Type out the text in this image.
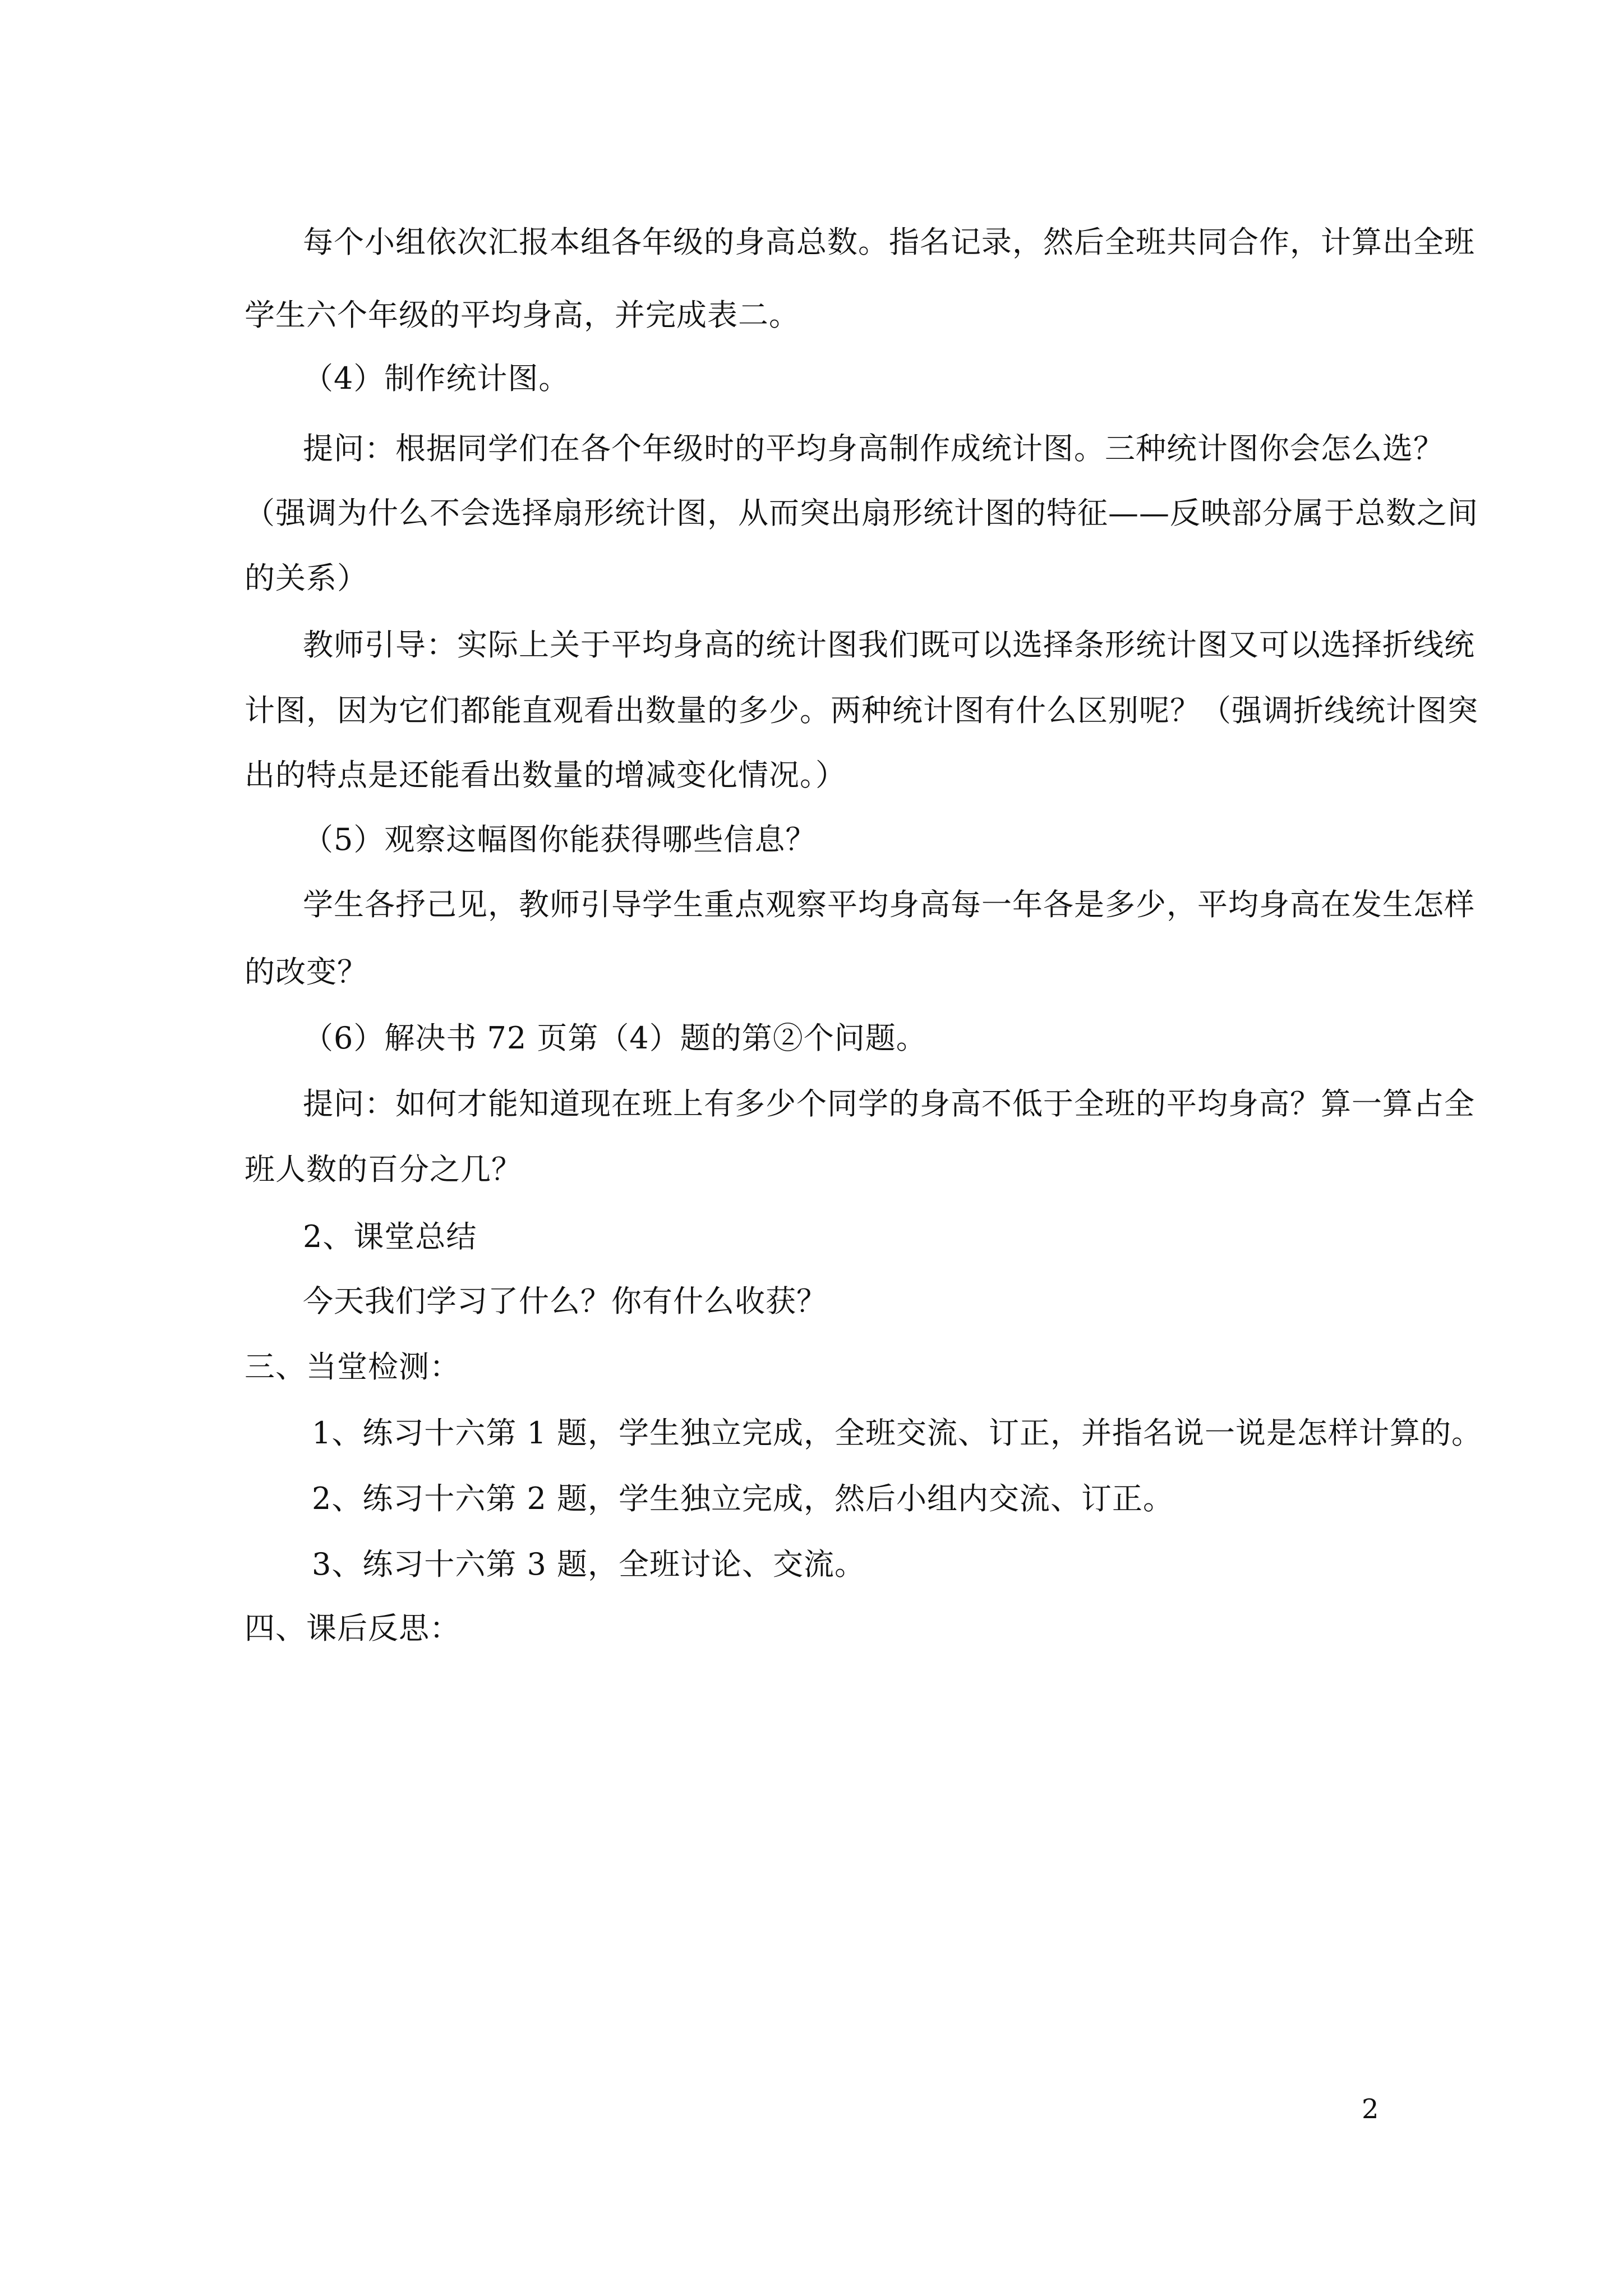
每个小组依次汇报本组各年级的身高总数。指名记录，然后全班共同合作，计算出全班
学生六个年级的平均身高，并完成表二。
（4）制作统计图。
提问：根据同学们在各个年级时的平均身高制作成统计图。三种统计图你会怎么选？
（强调为什么不会选择扇形统计图，从而突出扇形统计图的特征——反映部分属于总数之间
的关系）
教师引导：实际上关于平均身高的统计图我们既可以选择条形统计图又可以选择折线统
计图，因为它们都能直观看出数量的多少。两种统计图有什么区别呢？（强调折线统计图突
出的特点是还能看出数量的增减变化情况。）
（5）观察这幅图你能获得哪些信息？
学生各抒己见，教师引导学生重点观察平均身高每一年各是多少，平均身高在发生怎样
的改变？
（6）解决书 72 页第（4）题的第②个问题。
提问：如何才能知道现在班上有多少个同学的身高不低于全班的平均身高？算一算占全
班人数的百分之几？
2、课堂总结
今天我们学习了什么？你有什么收获？
三、当堂检测：
1、练习十六第 1 题，学生独立完成，全班交流、订正，并指名说一说是怎样计算的。
2、练习十六第 2 题，学生独立完成，然后小组内交流、订正。
3、练习十六第 3 题，全班讨论、交流。
四、课后反思：
2
